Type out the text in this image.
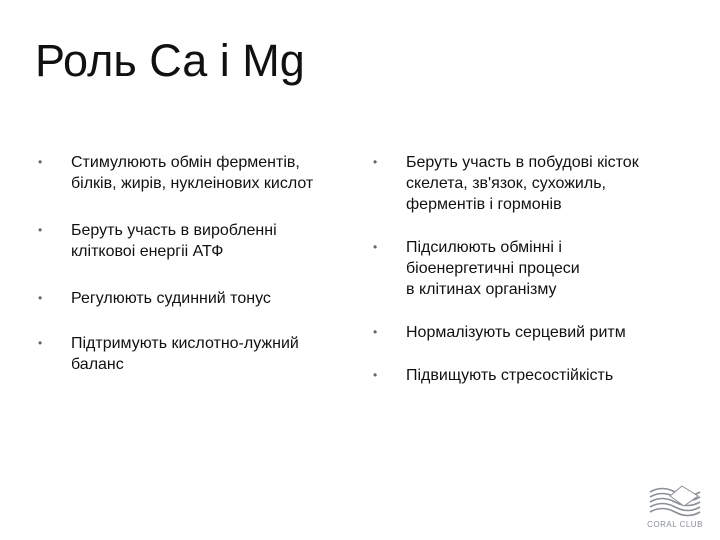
Роль Са і Mg
•	Стимулюють обмін ферментів,
білків, жирів, нуклеінових кислот
•	Беруть участь в виробленні
клітковоі енергіі АТФ
•	Регулюють судинний тонус
•	Підтримують кислотно-лужний
баланс
•	Беруть участь в побудові кісток
скелета, зв'язок, сухожиль,
ферментів і гормонів
•	Підсилюють обмінні і
біоенергетичні процеси
в клітинах організму
•	Нормалізують серцевий ритм
•	Підвищують стресостійкість
CORAL CLUB
